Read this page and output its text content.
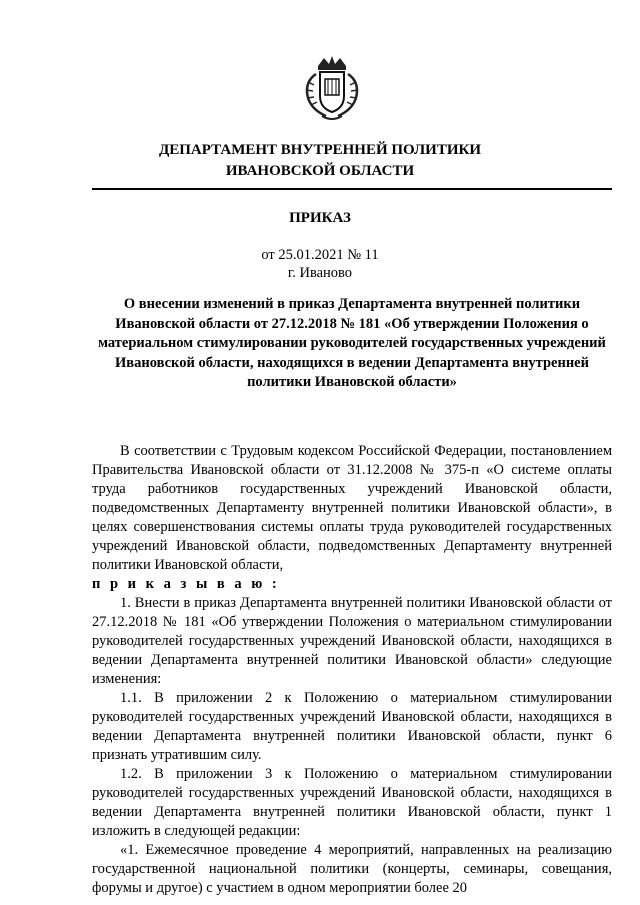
ДЕПАРТАМЕНТ ВНУТРЕННЕЙ ПОЛИТИКИ
ИВАНОВСКОЙ ОБЛАСТИ
ПРИКАЗ
от 25.01.2021 № 11
г. Иваново
О внесении изменений в приказ Департамента внутренней политики Ивановской области от 27.12.2018 № 181 «Об утверждении Положения о материальном стимулировании руководителей государственных учреждений Ивановской области, находящихся в ведении Департамента внутренней политики Ивановской области»

В соответствии с Трудовым кодексом Российской Федерации, постановлением Правительства Ивановской области от 31.12.2008 № 375-п «О системе оплаты труда работников государственных учреждений Ивановской области, подведомственных Департаменту внутренней политики Ивановской области», в целях совершенствования системы оплаты труда руководителей государственных учреждений Ивановской области, подведомственных Департаменту внутренней политики Ивановской области,

п р и к а з ы в а ю :

1. Внести в приказ Департамента внутренней политики Ивановской области от 27.12.2018 № 181 «Об утверждении Положения о материальном стимулировании руководителей государственных учреждений Ивановской области, находящихся в ведении Департамента внутренней политики Ивановской области» следующие изменения:

1.1. В приложении 2 к Положению о материальном стимулировании руководителей государственных учреждений Ивановской области, находящихся в ведении Департамента внутренней политики Ивановской области, пункт 6 признать утратившим силу.

1.2. В приложении 3 к Положению о материальном стимулировании руководителей государственных учреждений Ивановской области, находящихся в ведении Департамента внутренней политики Ивановской области, пункт 1 изложить в следующей редакции:

«1. Ежемесячное проведение 4 мероприятий, направленных на реализацию государственной национальной политики (концерты, семинары, совещания, форумы и другое) с участием в одном мероприятии более 20
